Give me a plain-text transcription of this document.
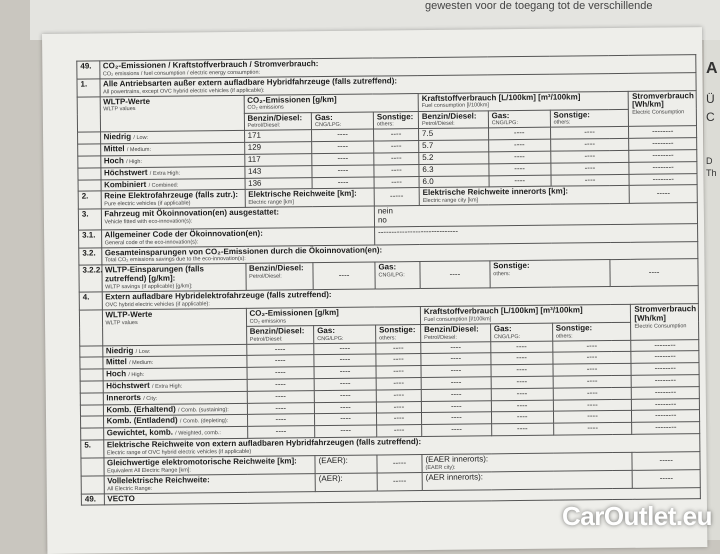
gewesten voor de toegang tot de verschillende
A
Ü
C
D
Th
49.	CO₂-Emissionen / Kraftstoffverbrauch / Stromverbrauch:
CO₂ emissions / fuel consumption / electric energy consumption:								

1.	Alle Antriebsarten außer extern aufladbare Hybridfahrzeuge (falls zutreffend):
All powertrains, except OVC hybrid electric vehicles (if applicable):								

	WLTP-Werte
WLTP values	CO₂-Emissionen [g/km]
CO₂ emissions			Kraftstoffverbrauch [L/100km] [m³/100km]
Fuel consumption [l/100km]				Stromverbrauch [Wh/km]
Electric Consumption

		Benzin/Diesel:
Petrol/Diesel:	Gas:
CNG/LPG:	Sonstige:
others:	Benzin/Diesel:
Petrol/Diesel:	Gas:
CNG/LPG:	Sonstige:
others:		

	Niedrig / Low:	171	----	----	7.5	----	----		--------
	Mittel / Medium:	129	----	----	5.7	----	----		--------
	Hoch / High:	117	----	----	5.2	----	----		--------
	Höchstwert / Extra High:	143	----	----	6.3	----	----		--------
	Kombiniert / Combined:	136	----	----	6.0	----	----		--------
2.	Reine Elektrofahrzeuge (falls zutr.):
Pure electric vehicles (if applicable)	Elektrische Reichweite [km]:
Electric range [km]		-----	Elektrische Reichweite innerorts [km]:
Electric range city [km]				-----
3.	Fahrzeug mit Ökoinnovation(en) ausgestattet:
Vehicle fitted with eco-innovation(s):			nein
no					
3.1.	Allgemeiner Code der Ökoinnovation(en):
General code of the eco-innovation(s):			------------------------------					
3.2.	Gesamteinsparungen von CO₂-Emissionen durch die Ökoinnovation(en):
Total CO₂ emissions savings due to the eco-innovation(s):								

3.2.2.	WLTP-Einsparungen (falls zutreffend) [g/km]:
WLTP savings (if applicable) [g/km]:	Benzin/Diesel:
Petrol/Diesel:	----	Gas:
CNG/LPG:	----	Sonstige:
others:		----	
4.	Extern aufladbare Hybridelektrofahrzeuge (falls zutreffend):
OVC hybrid electric vehicles (if applicable):								

	WLTP-Werte
WLTP values	CO₂-Emissionen [g/km]
CO₂ emissions			Kraftstoffverbrauch [L/100km] [m³/100km]
Fuel consumption [l/100km]				Stromverbrauch [Wh/km]
Electric Consumption

		Benzin/Diesel:
Petrol/Diesel:	Gas:
CNG/LPG:	Sonstige:
others:	Benzin/Diesel:
Petrol/Diesel:	Gas:
CNG/LPG:	Sonstige:
others:		

	Niedrig / Low:	----	----	----	----	----	----		--------
	Mittel / Medium:	----	----	----	----	----	----		--------
	Hoch / High:	----	----	----	----	----	----		--------
	Höchstwert / Extra High:	----	----	----	----	----	----		--------
	Innerorts / City:	----	----	----	----	----	----		--------
	Komb. (Erhaltend) / Comb. (sustaining):	----	----	----	----	----	----		--------
	Komb. (Entladend) / Comb. (depleting):	----	----	----	----	----	----		--------
	Gewichtet, komb. / Weighted, comb.:	----	----	----	----	----	----		--------
5.	Elektrische Reichweite von extern aufladbaren Hybridfahrzeugen (falls zutreffend):
Electric range of OVC hybrid electric vehicles (if applicable)								

	Gleichwertige elektromotorische Reichweite [km]:
Equivalent All Electric Range [km]:		(EAER):	-----	(EAER innerorts):
(EAER city):				-----
	Vollelektrische Reichweite:
All Electric Range:		(AER):	-----	(AER innerorts):				-----
49.	VECTO								
CarOutlet.eu
